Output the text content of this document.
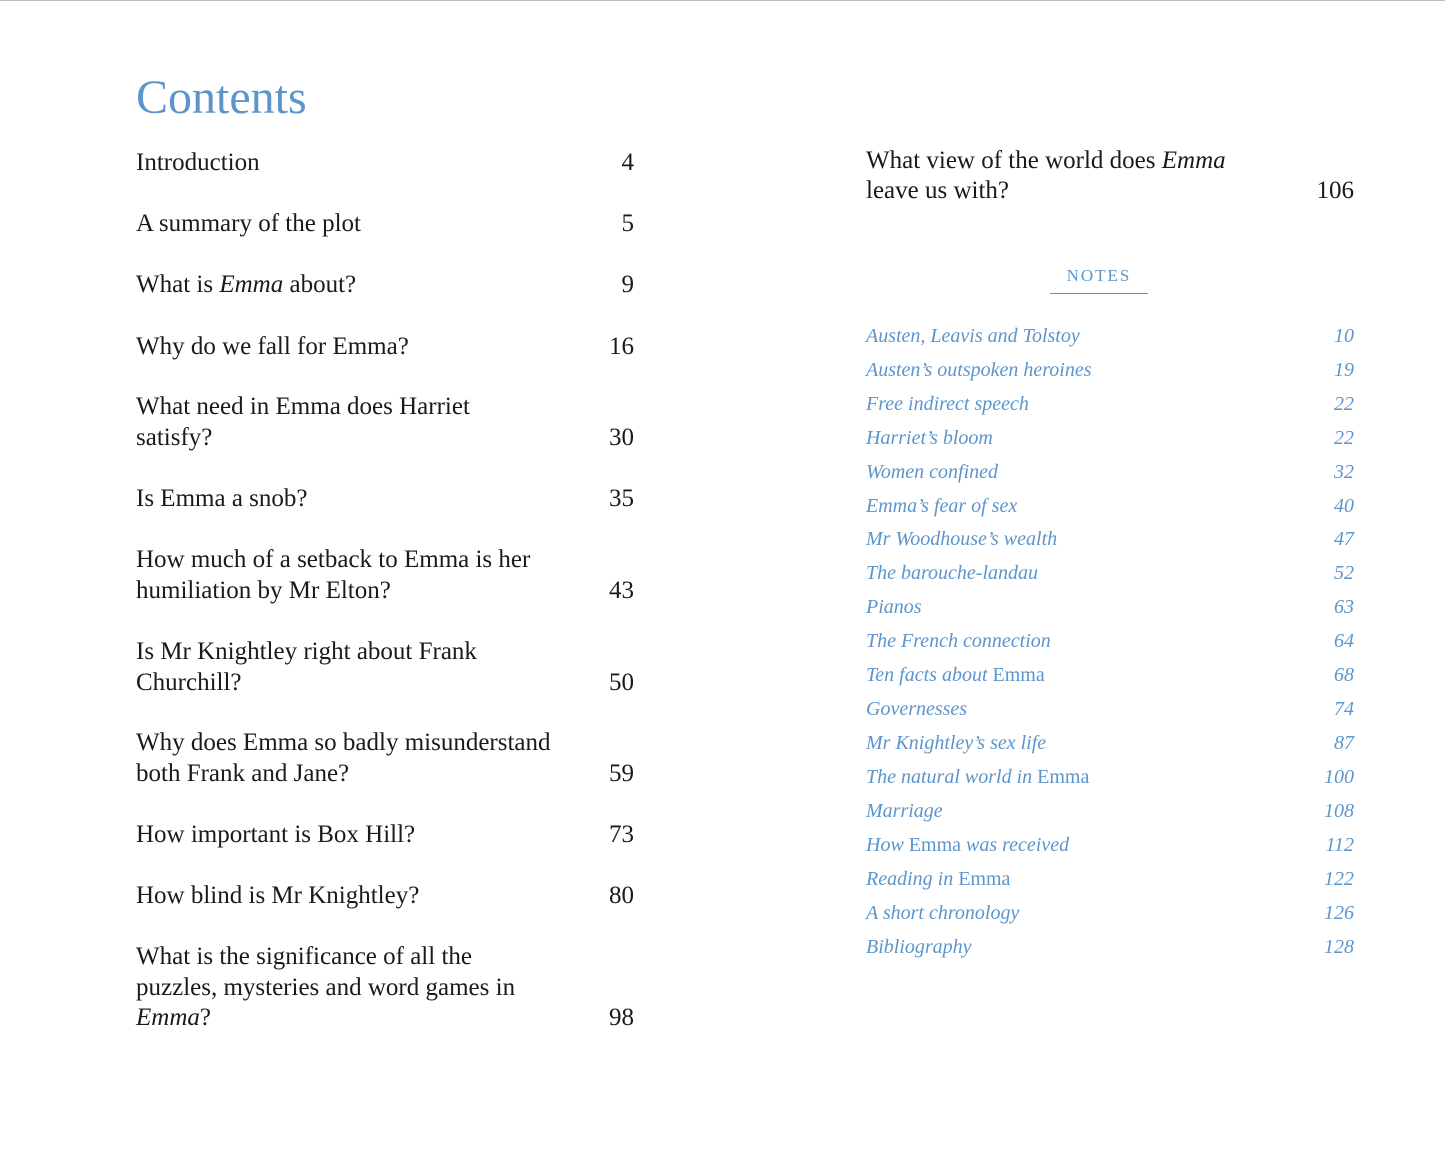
Contents
Introduction	4
A summary of the plot	5
What is Emma about?	9
Why do we fall for Emma?	16
What need in Emma does Harriet satisfy?	30
Is Emma a snob?	35
How much of a setback to Emma is her humiliation by Mr Elton?	43
Is Mr Knightley right about Frank Churchill?	50
Why does Emma so badly misunderstand both Frank and Jane?	59
How important is Box Hill?	73
How blind is Mr Knightley?	80
What is the significance of all the puzzles, mysteries and word games in Emma?	98
What view of the world does Emma leave us with?	106
NOTES
Austen, Leavis and Tolstoy	10
Austen’s outspoken heroines	19
Free indirect speech	22
Harriet’s bloom	22
Women confined	32
Emma’s fear of sex	40
Mr Woodhouse’s wealth	47
The barouche-landau	52
Pianos	63
The French connection	64
Ten facts about Emma	68
Governesses	74
Mr Knightley’s sex life	87
The natural world in Emma	100
Marriage	108
How Emma was received	112
Reading in Emma	122
A short chronology	126
Bibliography	128
